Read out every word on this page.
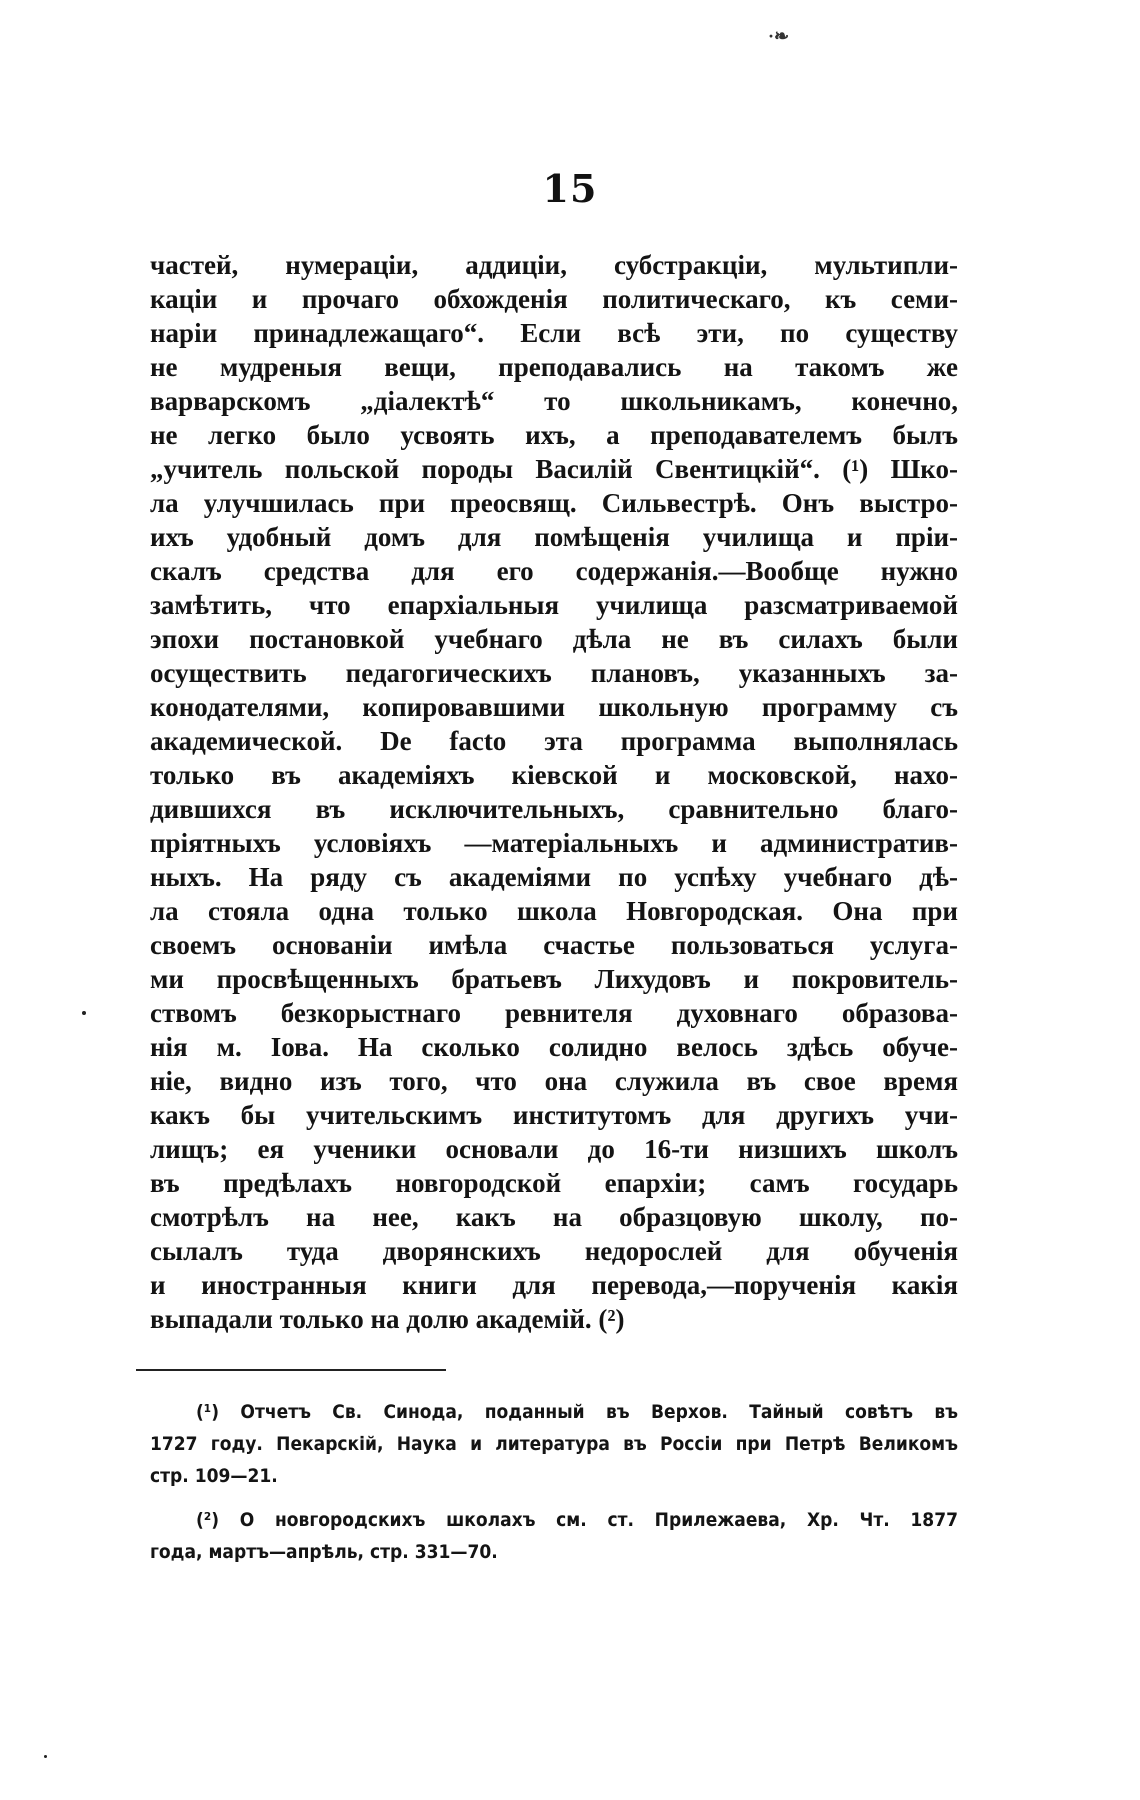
·❧
15
частей, нумераціи, аддиціи, субстракціи, мультипли-
каціи и прочаго обхожденія политическаго, къ семи-
наріи принадлежащаго“. Если всѣ эти, по существу
не мудреныя вещи, преподавались на такомъ же
варварскомъ „діалектѣ“ то школьникамъ, конечно,
не легко было усвоять ихъ, а преподавателемъ былъ
„учитель польской породы Василій Свентицкій“. (¹) Шко-
ла улучшилась при преосвящ. Сильвестрѣ. Онъ выстро-
ихъ удобный домъ для помѣщенія училища и пріи-
скалъ средства для его содержанія.—Вообще нужно
замѣтить, что епархіальныя училища разсматриваемой
эпохи постановкой учебнаго дѣла не въ силахъ были
осуществить педагогическихъ плановъ, указанныхъ за-
конодателями, копировавшими школьную программу съ
академической. De facto эта программа выполнялась
только въ академіяхъ кіевской и московской, нахо-
дившихся въ исключительныхъ, сравнительно благо-
пріятныхъ условіяхъ —матеріальныхъ и административ-
ныхъ. На ряду съ академіями по успѣху учебнаго дѣ-
ла стояла одна только школа Новгородская. Она при
своемъ основаніи имѣла счастье пользоваться услуга-
ми просвѣщенныхъ братьевъ Лихудовъ и покровитель-
ствомъ безкорыстнаго ревнителя духовнаго образова-
нія м. Іова. На сколько солидно велось здѣсь обуче-
ніе, видно изъ того, что она служила въ свое время
какъ бы учительскимъ институтомъ для другихъ учи-
лищъ; ея ученики основали до 16-ти низшихъ школъ
въ предѣлахъ новгородской епархіи; самъ государь
смотрѣлъ на нее, какъ на образцовую школу, по-
сылалъ туда дворянскихъ недорослей для обученія
и иностранныя книги для перевода,—порученія какія
выпадали только на долю академій. (²)
(¹) Отчетъ Св. Синода, поданный въ Верхов. Тайный совѣтъ въ
1727 году. Пекарскій, Наука и литература въ Россіи при Петрѣ Великомъ
стр. 109—21.
(²) О новгородскихъ школахъ см. ст. Прилежаева, Хр. Чт. 1877
года, мартъ—апрѣль, стр. 331—70.
